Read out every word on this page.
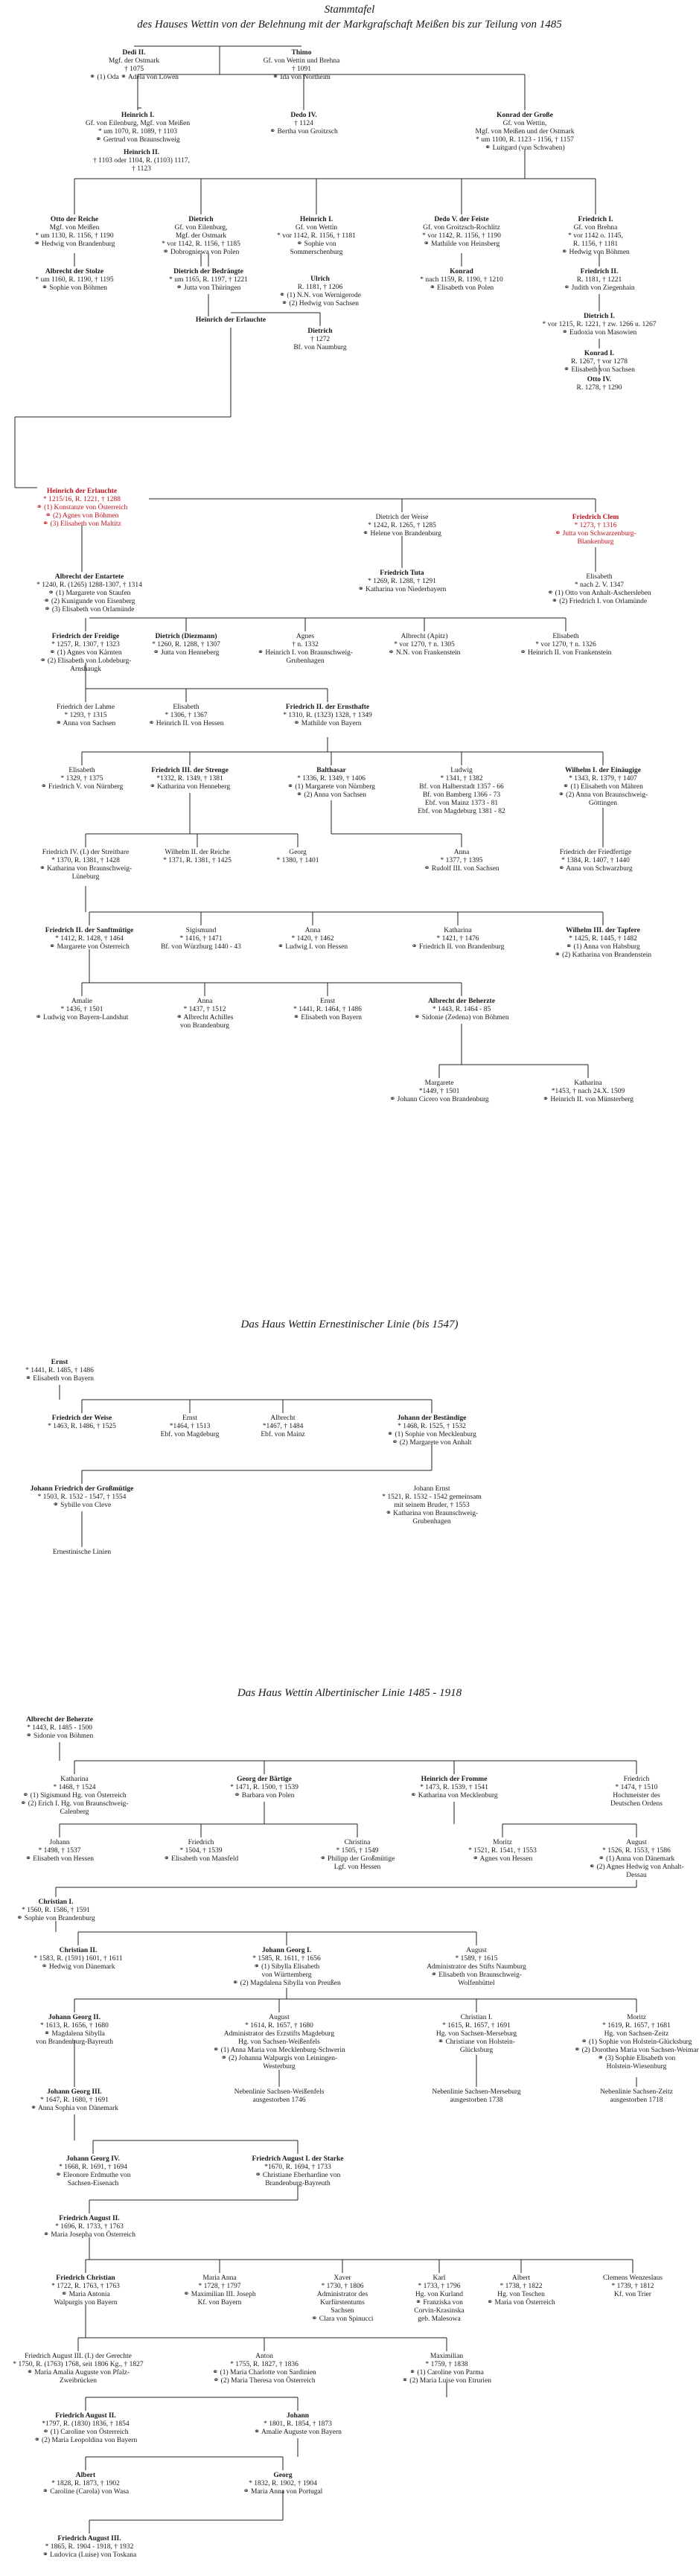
Stammtafel
des Hauses Wettin von der Belehnung mit der Markgrafschaft Meißen bis zur Teilung von 1485
Das Haus Wettin Ernestinischer Linie (bis 1547)
Das Haus Wettin Albertinischer Linie 1485 - 1918
Dedi II.
Mgf. der Ostmark
† 1075
⚭ (1) Oda ⚭ Adela von Löwen
Thimo
Gf. von Wettin und Brehna
† 1091
⚭ Ida von Northeim
Heinrich I.
Gf. von Eilenburg, Mgf. von Meißen
* um 1070, R. 1089, † 1103
⚭ Gertrud von Braunschweig
Heinrich II.
† 1103 oder 1104, R. (1103) 1117,
† 1123
Dedo IV.
† 1124
⚭ Bertha von Groitzsch
Konrad der Große
Gf. von Wettin,
Mgf. von Meißen und der Ostmark
* um 1100, R. 1123 - 1156, † 1157
⚭ Luitgard (von Schwaben)
Otto der Reiche
Mgf. von Meißen
* um 1130, R. 1156, † 1190
⚭ Hedwig von Brandenburg
Dietrich
Gf. von Eilenburg,
Mgf. der Ostmark
* vor 1142, R. 1156, † 1185
⚭ Dobrogniewa von Polen
Heinrich I.
Gf. von Wettin
* vor 1142, R. 1156, † 1181
⚭ Sophie von
Sommerschenburg
Dedo V. der Feiste
Gf. von Groitzsch-Rochlitz
* vor 1142, R. 1156, † 1190
⚭ Mathilde von Heinsberg
Friedrich I.
Gf. von Brehna
* vor 1142 o. 1145,
R. 1156, † 1181
⚭ Hedwig von Böhmen
Albrecht der Stolze
* um 1160, R. 1190, † 1195
⚭ Sophie von Böhmen
Dietrich der Bedrängte
* um 1165, R. 1197, † 1221
⚭ Jutta von Thüringen
Ulrich
R. 1181, † 1206
⚭ (1) N.N. von Wernigerode
⚭ (2) Hedwig von Sachsen
Konrad
* nach 1159, R. 1190, † 1210
⚭ Elisabeth von Polen
Friedrich II.
R. 1181, † 1221
⚭ Judith von Ziegenhain
Heinrich der Erlauchte
Dietrich
† 1272
Bf. von Naumburg
Dietrich I.
* vor 1215, R. 1221, † zw. 1266 u. 1267
⚭ Eudoxia von Masowien
Konrad I.
R. 1267, † vor 1278
⚭ Elisabeth von Sachsen
Otto IV.
R. 1278, † 1290
Heinrich der Erlauchte
* 1215/16, R. 1221, † 1288
⚭ (1) Konstanze von Österreich
⚭ (2) Agnes von Böhmen
⚭ (3) Elisabeth von Maltitz
Dietrich der Weise
* 1242, R. 1265, † 1285
⚭ Helene von Brandenburg
Friedrich Clem
* 1273, † 1316
⚭ Jutta von Schwarzenburg-
Blankenburg
Albrecht der Entartete
* 1240, R. (1265) 1288-1307, † 1314
⚭ (1) Margarete von Staufen
⚭ (2) Kunigunde von Eisenberg
⚭ (3) Elisabeth von Orlamünde
Friedrich Tuta
* 1269, R. 1288, † 1291
⚭ Katharina von Niederbayern
Elisabeth
* nach 2. V. 1347
⚭ (1) Otto von Anhalt-Aschersleben
⚭ (2) Friedrich I. von Orlamünde
Friedrich der Freidige
* 1257, R. 1307, † 1323
⚭ (1) Agnes von Kärnten
⚭ (2) Elisabeth von Lobdeburg-
Arnshaugk
Dietrich (Diezmann)
* 1260, R. 1288, † 1307
⚭ Jutta von Henneberg
Agnes
† n. 1332
⚭ Heinrich I. von Braunschweig-
Grubenhagen
Albrecht (Apitz)
* vor 1270, † n. 1305
⚭ N.N. von Frankenstein
Elisabeth
* vor 1270, † n. 1326
⚭ Heinrich II. von Frankenstein
Friedrich der Lahme
* 1293, † 1315
⚭ Anna von Sachsen
Elisabeth
* 1306, † 1367
⚭ Heinrich II. von Hessen
Friedrich II. der Ernsthafte
* 1310, R. (1323) 1328, † 1349
⚭ Mathilde von Bayern
Elisabeth
* 1329, † 1375
⚭ Friedrich V. von Nürnberg
Friedrich III. der Strenge
*1332, R. 1349, † 1381
⚭ Katharina von Henneberg
Balthasar
* 1336, R. 1349, † 1406
⚭ (1) Margarete von Nürnberg
⚭ (2) Anna von Sachsen
Ludwig
* 1341, † 1382
Bf. von Halberstadt 1357 - 66
Bf. von Bamberg 1366 - 73
Ebf. von Mainz 1373 - 81
Ebf. von Magdeburg 1381 - 82
Wilhelm I. der Einäugige
* 1343, R. 1379, † 1407
⚭ (1) Elisabeth von Mähren
⚭ (2) Anna von Braunschweig-
Göttingen
Friedrich IV. (I.) der Streitbare
* 1370, R. 1381, † 1428
⚭ Katharina von Braunschweig-
Lüneburg
Wilhelm II. der Reiche
* 1371, R. 1381, † 1425
Georg
* 1380, † 1401
Anna
* 1377, † 1395
⚭ Rudolf III. von Sachsen
Friedrich der Friedfertige
* 1384, R. 1407, † 1440
⚭ Anna von Schwarzburg
Friedrich II. der Sanftmütige
* 1412, R. 1428, † 1464
⚭ Margarete von Österreich
Sigismund
* 1416, † 1471
Bf. von Würzburg 1440 - 43
Anna
* 1420, † 1462
⚭ Ludwig I. von Hessen
Katharina
* 1421, † 1476
⚭ Friedrich II. von Brandenburg
Wilhelm III. der Tapfere
* 1425, R. 1445, † 1482
⚭ (1) Anna von Habsburg
⚭ (2) Katharina von Brandenstein
Amalie
* 1436, † 1501
⚭ Ludwig von Bayern-Landshut
Anna
* 1437, † 1512
⚭ Albrecht Achilles
von Brandenburg
Ernst
* 1441, R. 1464, † 1486
⚭ Elisabeth von Bayern
Albrecht der Beherzte
* 1443, R. 1464 - 85
⚭ Sidonie (Zedena) von Böhmen
Margarete
*1449, † 1501
⚭ Johann Cicero von Brandenburg
Katharina
*1453, † nach 24.X. 1509
⚭ Heinrich II. von Münsterberg
Ernst
* 1441, R. 1485, † 1486
⚭ Elisabeth von Bayern
Friedrich der Weise
* 1463, R. 1486, † 1525
Ernst
*1464, † 1513
Ebf. von Magdeburg
Albrecht
*1467, † 1484
Ebf. von Mainz
Johann der Beständige
* 1468, R. 1525, † 1532
⚭ (1) Sophie von Mecklenburg
⚭ (2) Margarete von Anhalt
Johann Friedrich der Großmütige
* 1503, R. 1532 - 1547, † 1554
⚭ Sybille von Cleve
Johann Ernst
* 1521, R. 1532 - 1542 gemeinsam
mit seinem Bruder, † 1553
⚭ Katharina von Braunschweig-
Grubenhagen
Ernestinische Linien
Albrecht der Beherzte
* 1443, R. 1485 - 1500
⚭ Sidonie von Böhmen
Katharina
* 1468, † 1524
⚭ (1) Sigismund Hg. von Österreich
⚭ (2) Erich I. Hg. von Braunschweig-
Calenberg
Georg der Bärtige
* 1471, R. 1500, † 1539
⚭ Barbara von Polen
Heinrich der Fromme
* 1473, R. 1539, † 1541
⚭ Katharina von Mecklenburg
Friedrich
* 1474, † 1510
Hochmeister des
Deutschen Ordens
Johann
* 1498, † 1537
⚭ Elisabeth von Hessen
Friedrich
* 1504, † 1539
⚭ Elisabeth von Mansfeld
Christina
* 1505, † 1549
⚭ Philipp der Großmütige
Lgf. von Hessen
Moritz
* 1521, R. 1541, † 1553
⚭ Agnes von Hessen
August
* 1526, R. 1553, † 1586
⚭ (1) Anna von Dänemark
⚭ (2) Agnes Hedwig von Anhalt-
Dessau
Christian I.
* 1560, R. 1586, † 1591
⚭ Sophie von Brandenburg
Christian II.
* 1583, R. (1591) 1601, † 1611
⚭ Hedwig von Dänemark
Johann Georg I.
* 1585, R. 1611, † 1656
⚭ (1) Sibylla Elisabeth
von Württemberg
⚭ (2) Magdalena Sibylla von Preußen
August
* 1589, † 1615
Administrator des Stifts Naumburg
⚭ Elisabeth von Braunschweig-
Wolfenbüttel
Johann Georg II.
* 1613, R. 1656, † 1680
⚭ Magdalena Sibylla
von Brandenburg-Bayreuth
August
* 1614, R. 1657, † 1680
Administrator des Erzstifts Magdeburg
Hg. von Sachsen-Weißenfels
⚭ (1) Anna Maria von Mecklenburg-Schwerin
⚭ (2) Johanna Walpurgis von Leiningen-
Westerburg
Christian I.
* 1615, R. 1657, † 1691
Hg. von Sachsen-Merseburg
⚭ Christiane von Holstein-
Glücksburg
Moritz
* 1619, R. 1657, † 1681
Hg. von Sachsen-Zeitz
⚭ (1) Sophie von Holstein-Glücksburg
⚭ (2) Dorothea Maria von Sachsen-Weimar
⚭ (3) Sophie Elisabeth von
Holstein-Wiesenburg
Johann Georg III.
* 1647, R. 1680, † 1691
⚭ Anna Sophia von Dänemark
Nebenlinie Sachsen-Weißenfels
ausgestorben 1746
Nebenlinie Sachsen-Merseburg
ausgestorben 1738
Nebenlinie Sachsen-Zeitz
ausgestorben 1718
Johann Georg IV.
* 1668, R. 1691, † 1694
⚭ Eleonore Erdmuthe von
Sachsen-Eisenach
Friedrich August I. der Starke
*1670, R. 1694, † 1733
⚭ Christiane Eberhardine von
Brandenburg-Bayreuth
Friedrich August II.
* 1696, R. 1733, † 1763
⚭ Maria Josepha von Österreich
Friedrich Christian
* 1722, R. 1763, † 1763
⚭ Maria Antonia
Walpurgis von Bayern
Maria Anna
* 1728, † 1797
⚭ Maximilian III. Joseph
Kf. von Bayern
Xaver
* 1730, † 1806
Administrator des
Kurfürstentums
Sachsen
⚭ Clara von Spinucci
Karl
* 1733, † 1796
Hg. von Kurland
⚭ Franziska von
Corvin-Krasinska
geb. Malesowa
Albert
* 1738, † 1822
Hg. von Teschen
⚭ Maria von Österreich
Clemens Wenzeslaus
* 1739, † 1812
Kf. von Trier
Friedrich August III. (I.) der Gerechte
* 1750, R. (1763) 1768, seit 1806 Kg., † 1827
⚭ Maria Amalia Auguste von Pfalz-
Zweibrücken
Anton
* 1755, R. 1827, † 1836
⚭ (1) Maria Charlotte von Sardinien
⚭ (2) Maria Theresa von Österreich
Maximilian
* 1759, † 1838
⚭ (1) Caroline von Parma
⚭ (2) Maria Luise von Etrurien
Friedrich August II.
*1797, R. (1830) 1836, † 1854
⚭ (1) Caroline von Österreich
⚭ (2) Maria Leopoldina von Bayern
Johann
* 1801, R. 1854, † 1873
⚭ Amalie Auguste von Bayern
Albert
* 1828, R. 1873, † 1902
⚭ Caroline (Carola) von Wasa
Georg
* 1832, R. 1902, † 1904
⚭ Maria Anna von Portugal
Friedrich August III.
* 1865, R. 1904 - 1918, † 1932
⚭ Ludovica (Luise) von Toskana
